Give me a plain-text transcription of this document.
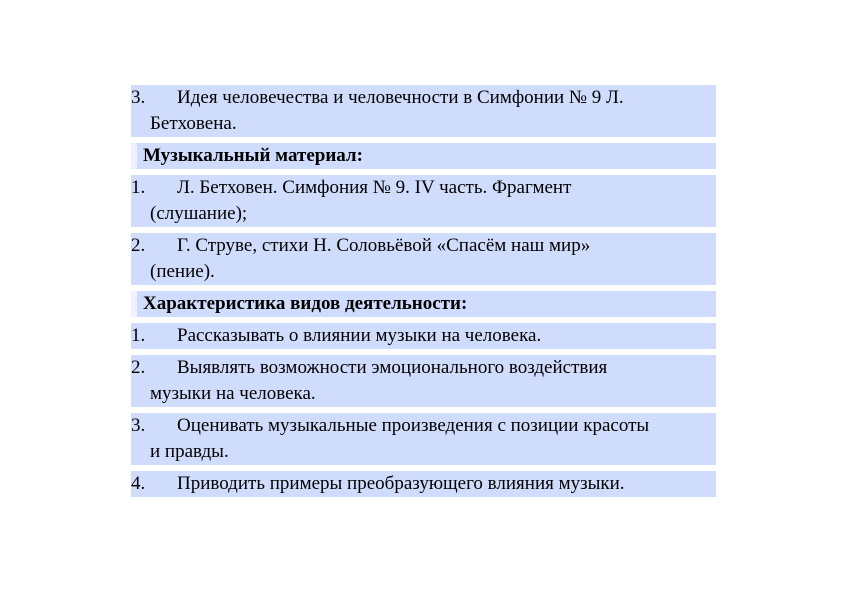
3.	Идея человечества и человечности в Симфонии № 9 Л.
Бетховена.
Музыкальный материал:
1.	Л. Бетховен. Симфония № 9. IV часть. Фрагмент
(слушание);
2.	Г. Струве, стихи Н. Соловьёвой «Спасём наш мир»
(пение).
Характеристика видов деятельности:
1.	Рассказывать о влиянии музыки на человека.
2.	Выявлять возможности эмоционального воздействия
музыки на человека.
3.	Оценивать музыкальные произведения с позиции красоты
и правды.
4.	Приводить примеры преобразующего влияния музыки.
